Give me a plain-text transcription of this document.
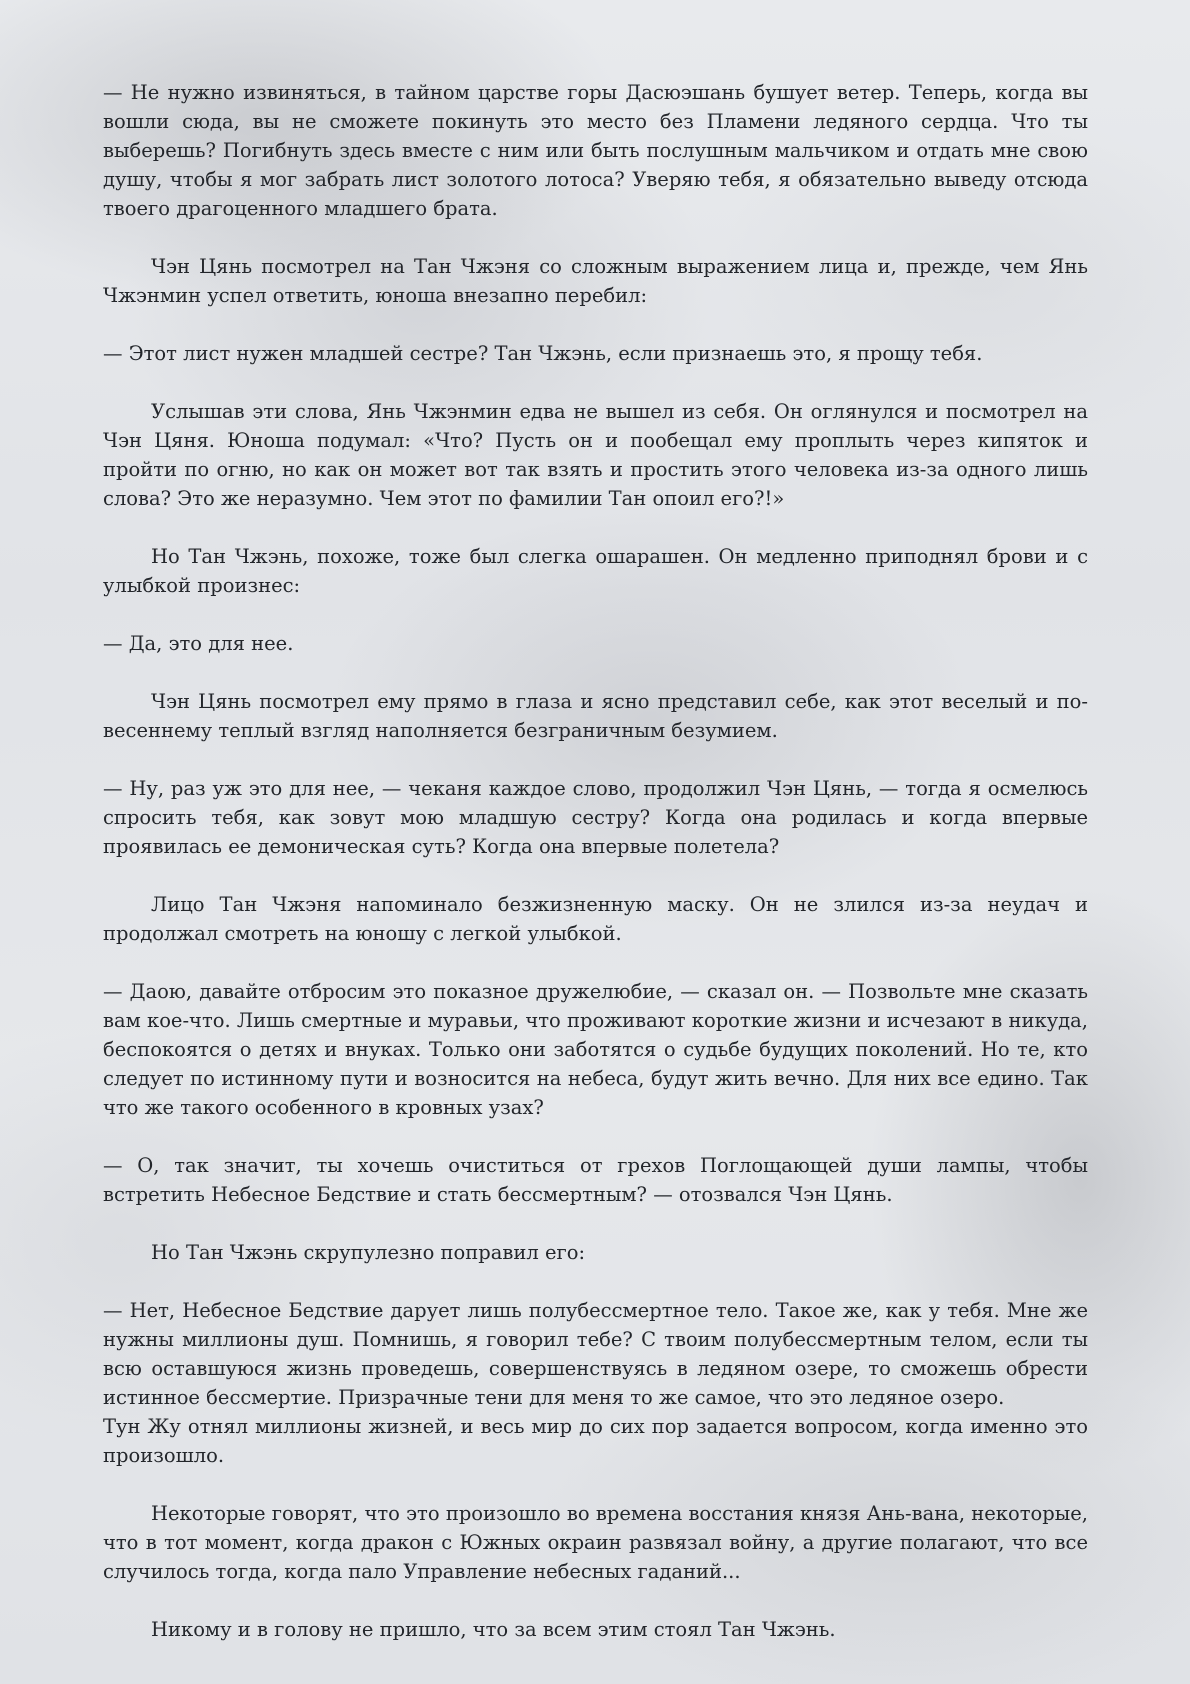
— Не нужно извиняться, в тайном царстве горы Дасюэшань бушует ветер. Теперь, когда вы вошли сюда, вы не сможете покинуть это место без Пламени ледяного сердца. Что ты выберешь? Погибнуть здесь вместе с ним или быть послушным мальчиком и отдать мне свою душу, чтобы я мог забрать лист золотого лотоса? Уверяю тебя, я обязательно выведу отсюда твоего драгоценного младшего брата.

Чэн Цянь посмотрел на Тан Чжэня со сложным выражением лица и, прежде, чем Янь Чжэнмин успел ответить, юноша внезапно перебил:

— Этот лист нужен младшей сестре? Тан Чжэнь, если признаешь это, я прощу тебя.

Услышав эти слова, Янь Чжэнмин едва не вышел из себя. Он оглянулся и посмотрел на Чэн Цяня. Юноша подумал: «Что? Пусть он и пообещал ему проплыть через кипяток и пройти по огню, но как он может вот так взять и простить этого человека из-за одного лишь слова? Это же неразумно. Чем этот по фамилии Тан опоил его?!»

Но Тан Чжэнь, похоже, тоже был слегка ошарашен. Он медленно приподнял брови и с улыбкой произнес:

— Да, это для нее.

Чэн Цянь посмотрел ему прямо в глаза и ясно представил себе, как этот веселый и по-весеннему теплый взгляд наполняется безграничным безумием.

— Ну, раз уж это для нее, — чеканя каждое слово, продолжил Чэн Цянь, — тогда я осмелюсь спросить тебя, как зовут мою младшую сестру? Когда она родилась и когда впервые проявилась ее демоническая суть? Когда она впервые полетела?

Лицо Тан Чжэня напоминало безжизненную маску. Он не злился из-за неудач и продолжал смотреть на юношу с легкой улыбкой.

— Даою, давайте отбросим это показное дружелюбие, — сказал он. — Позвольте мне сказать вам кое-что. Лишь смертные и муравьи, что проживают короткие жизни и исчезают в никуда, беспокоятся о детях и внуках. Только они заботятся о судьбе будущих поколений. Но те, кто следует по истинному пути и возносится на небеса, будут жить вечно. Для них все едино. Так что же такого особенного в кровных узах?

— О, так значит, ты хочешь очиститься от грехов Поглощающей души лампы, чтобы встретить Небесное Бедствие и стать бессмертным? — отозвался Чэн Цянь.

Но Тан Чжэнь скрупулезно поправил его:

— Нет, Небесное Бедствие дарует лишь полубессмертное тело. Такое же, как у тебя. Мне же нужны миллионы душ. Помнишь, я говорил тебе? С твоим полубессмертным телом, если ты всю оставшуюся жизнь проведешь, совершенствуясь в ледяном озере, то сможешь обрести истинное бессмертие. Призрачные тени для меня то же самое, что это ледяное озеро.
Тун Жу отнял миллионы жизней, и весь мир до сих пор задается вопросом, когда именно это произошло.

Некоторые говорят, что это произошло во времена восстания князя Ань-вана, некоторые, что в тот момент, когда дракон с Южных окраин развязал войну, а другие полагают, что все случилось тогда, когда пало Управление небесных гаданий...

Никому и в голову не пришло, что за всем этим стоял Тан Чжэнь.
